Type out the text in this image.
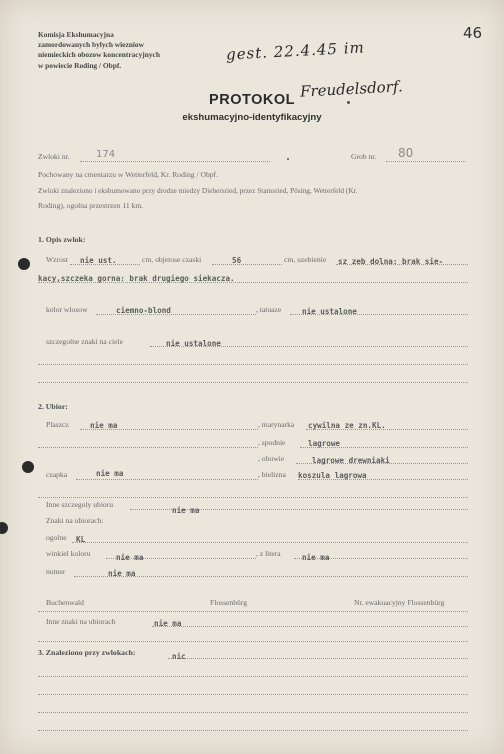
Komisja Ekshumacyjna
zamordowanych bylych wiezniow
niemieckich obozow koncentracyjnych
w powiecie Roding / Obpf.
46
gest. 22.4.45 im
Freudelsdorf.
PROTOKOL
ekshumacyjno-identyfikacyjny
Zwloki nr.	174	Grob nr. 80
Pochowany na cmentarzu w Wetterfeld, Kr. Roding / Obpf.
Zwloki znaleziono i ekshumowano przy drodze miedzy Diebersried, przez Stamsried, Pösing, Wetterfeld (Kr.
Roding), ogolna przestrzen 11 km.
1. Opis zwlok:
Wzrost nie ust.	cm, objetose czaski	56	cm, uzebienie sz zeb dolna: brak sie-
kacy,szczeka gorna: brak drugiego siekacza.
kolor wlosow	ciemno-blond	, tatuaze	nie ustalone
szczegolne znaki na ciele	nie ustalone
2. Ubior:
Plaszcz	nie ma	, marynarka cywilna ze zn.KL.
, spodnie	lagrowe
, obuwie	lagrowe drewniaki
czapka	nie ma	, bielizna koszula lagrowa
Inne szczegoly ubioru
nie ma
Znaki na ubiorach:
ogolne KL
winkiel koloru	nie ma	, z litera	nie ma
numer	nie ma
Buchenwald	Flossenbürg	Nr. ewakuacyjny Flossenbürg
Inne znaki na ubiorach	nie ma
3. Znaleziono przy zwlokach:	nic
